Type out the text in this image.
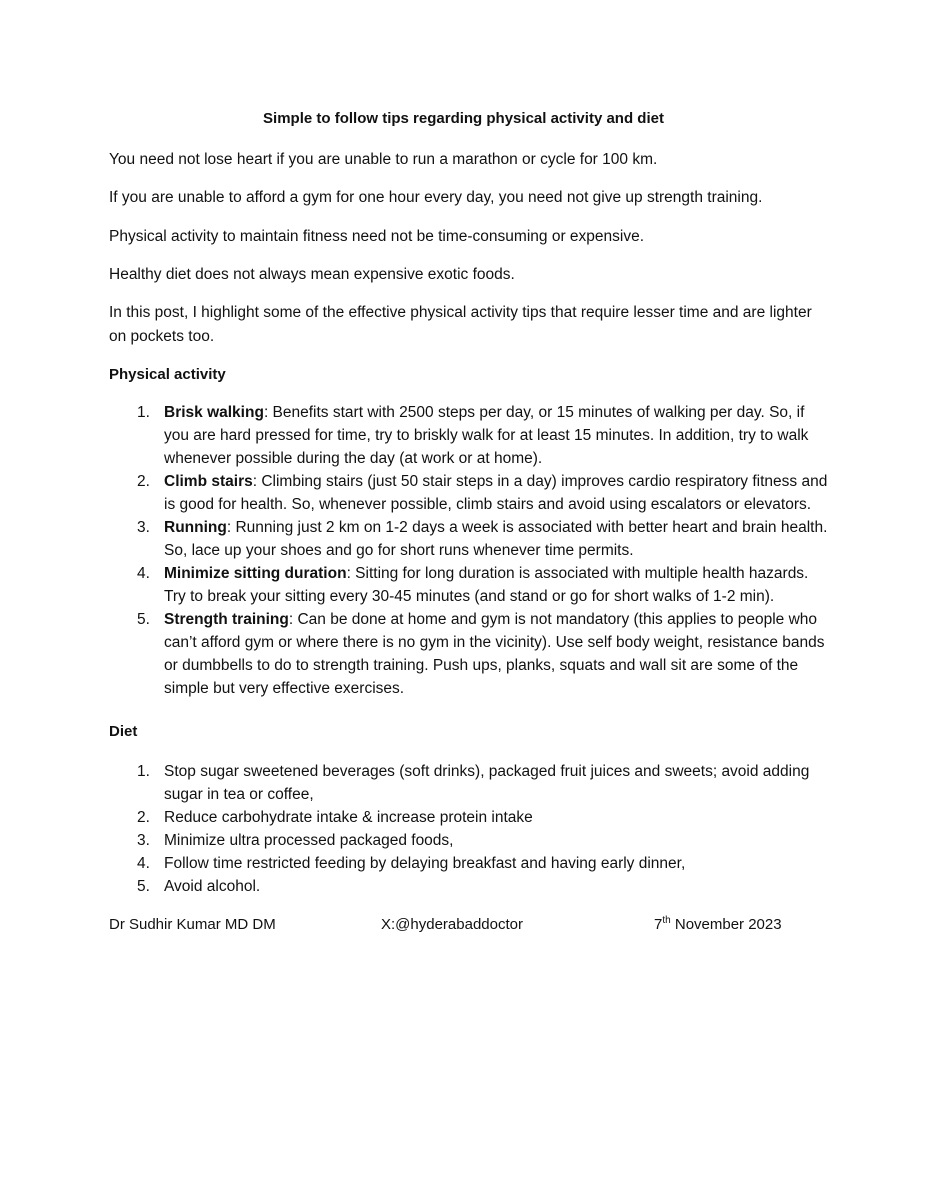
Simple to follow tips regarding physical activity and diet

You need not lose heart if you are unable to run a marathon or cycle for 100 km.

If you are unable to afford a gym for one hour every day, you need not give up strength training.

Physical activity to maintain fitness need not be time-consuming or expensive.

Healthy diet does not always mean expensive exotic foods.

In this post, I highlight some of the effective physical activity tips that require lesser time and are lighter on pockets too.

Physical activity

1. Brisk walking: Benefits start with 2500 steps per day, or 15 minutes of walking per day. So, if you are hard pressed for time, try to briskly walk for at least 15 minutes. In addition, try to walk whenever possible during the day (at work or at home).
2. Climb stairs: Climbing stairs (just 50 stair steps in a day) improves cardio respiratory fitness and is good for health. So, whenever possible, climb stairs and avoid using escalators or elevators.
3. Running: Running just 2 km on 1-2 days a week is associated with better heart and brain health. So, lace up your shoes and go for short runs whenever time permits.
4. Minimize sitting duration: Sitting for long duration is associated with multiple health hazards. Try to break your sitting every 30-45 minutes (and stand or go for short walks of 1-2 min).
5. Strength training: Can be done at home and gym is not mandatory (this applies to people who can’t afford gym or where there is no gym in the vicinity). Use self body weight, resistance bands or dumbbells to do to strength training. Push ups, planks, squats and wall sit are some of the simple but very effective exercises.

Diet

1. Stop sugar sweetened beverages (soft drinks), packaged fruit juices and sweets; avoid adding sugar in tea or coffee,
2. Reduce carbohydrate intake & increase protein intake
3. Minimize ultra processed packaged foods,
4. Follow time restricted feeding by delaying breakfast and having early dinner,
5. Avoid alcohol.
Dr Sudhir Kumar MD DM	X:@hyderabaddoctor	7th November 2023
